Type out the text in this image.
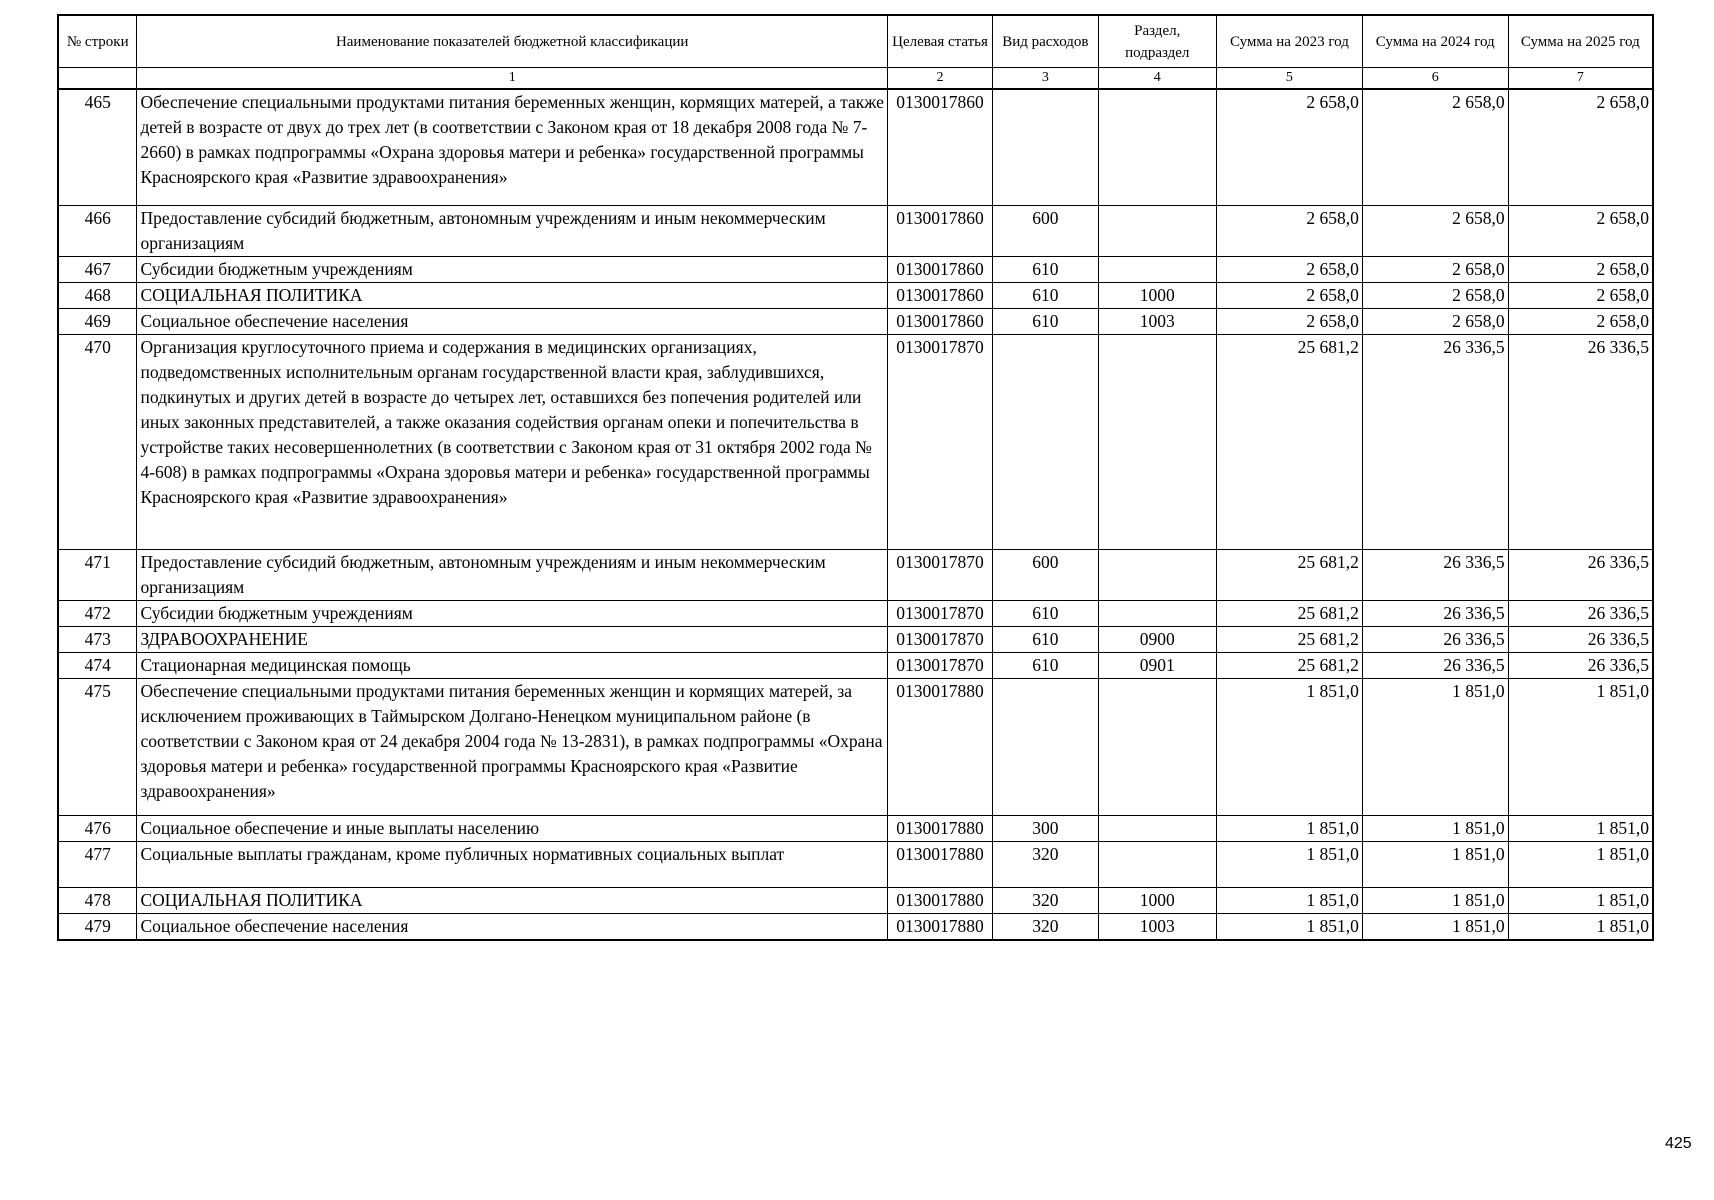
№ строки	Наименование показателей бюджетной классификации	Целевая статья	Вид расходов	Раздел, подраздел	Сумма на 2023 год	Сумма на 2024 год	Сумма на 2025 год
	1	2	3	4	5	6	7
465	Обеспечение специальными продуктами питания беременных женщин, кормящих матерей, а также детей в возрасте от двух до трех лет (в соответствии с Законом края от 18 декабря 2008 года № 7-2660) в рамках подпрограммы «Охрана здоровья матери и ребенка» государственной программы Красноярского края «Развитие здравоохранения»	0130017860			2 658,0	2 658,0	2 658,0
466	Предоставление субсидий бюджетным, автономным учреждениям и иным некоммерческим организациям	0130017860	600		2 658,0	2 658,0	2 658,0
467	Субсидии бюджетным учреждениям	0130017860	610		2 658,0	2 658,0	2 658,0
468	СОЦИАЛЬНАЯ ПОЛИТИКА	0130017860	610	1000	2 658,0	2 658,0	2 658,0
469	Социальное обеспечение населения	0130017860	610	1003	2 658,0	2 658,0	2 658,0
470	Организация круглосуточного приема и содержания в медицинских организациях, подведомственных исполнительным органам государственной власти края, заблудившихся, подкинутых и других детей в возрасте до четырех лет, оставшихся без попечения родителей или иных законных представителей, а также оказания содействия органам опеки и попечительства в устройстве таких несовершеннолетних (в соответствии с Законом края от 31 октября 2002 года № 4-608) в рамках подпрограммы «Охрана здоровья матери и ребенка» государственной программы Красноярского края «Развитие здравоохранения»	0130017870			25 681,2	26 336,5	26 336,5
471	Предоставление субсидий бюджетным, автономным учреждениям и иным некоммерческим организациям	0130017870	600		25 681,2	26 336,5	26 336,5
472	Субсидии бюджетным учреждениям	0130017870	610		25 681,2	26 336,5	26 336,5
473	ЗДРАВООХРАНЕНИЕ	0130017870	610	0900	25 681,2	26 336,5	26 336,5
474	Стационарная медицинская помощь	0130017870	610	0901	25 681,2	26 336,5	26 336,5
475	Обеспечение специальными продуктами питания беременных женщин и кормящих матерей, за исключением проживающих в Таймырском Долгано-Ненецком муниципальном районе (в соответствии с Законом края от 24 декабря 2004 года № 13-2831), в рамках подпрограммы «Охрана здоровья матери и ребенка» государственной программы Красноярского края «Развитие здравоохранения»	0130017880			1 851,0	1 851,0	1 851,0
476	Социальное обеспечение и иные выплаты населению	0130017880	300		1 851,0	1 851,0	1 851,0
477	Социальные выплаты гражданам, кроме публичных нормативных социальных выплат	0130017880	320		1 851,0	1 851,0	1 851,0
478	СОЦИАЛЬНАЯ ПОЛИТИКА	0130017880	320	1000	1 851,0	1 851,0	1 851,0
479	Социальное обеспечение населения	0130017880	320	1003	1 851,0	1 851,0	1 851,0
425
